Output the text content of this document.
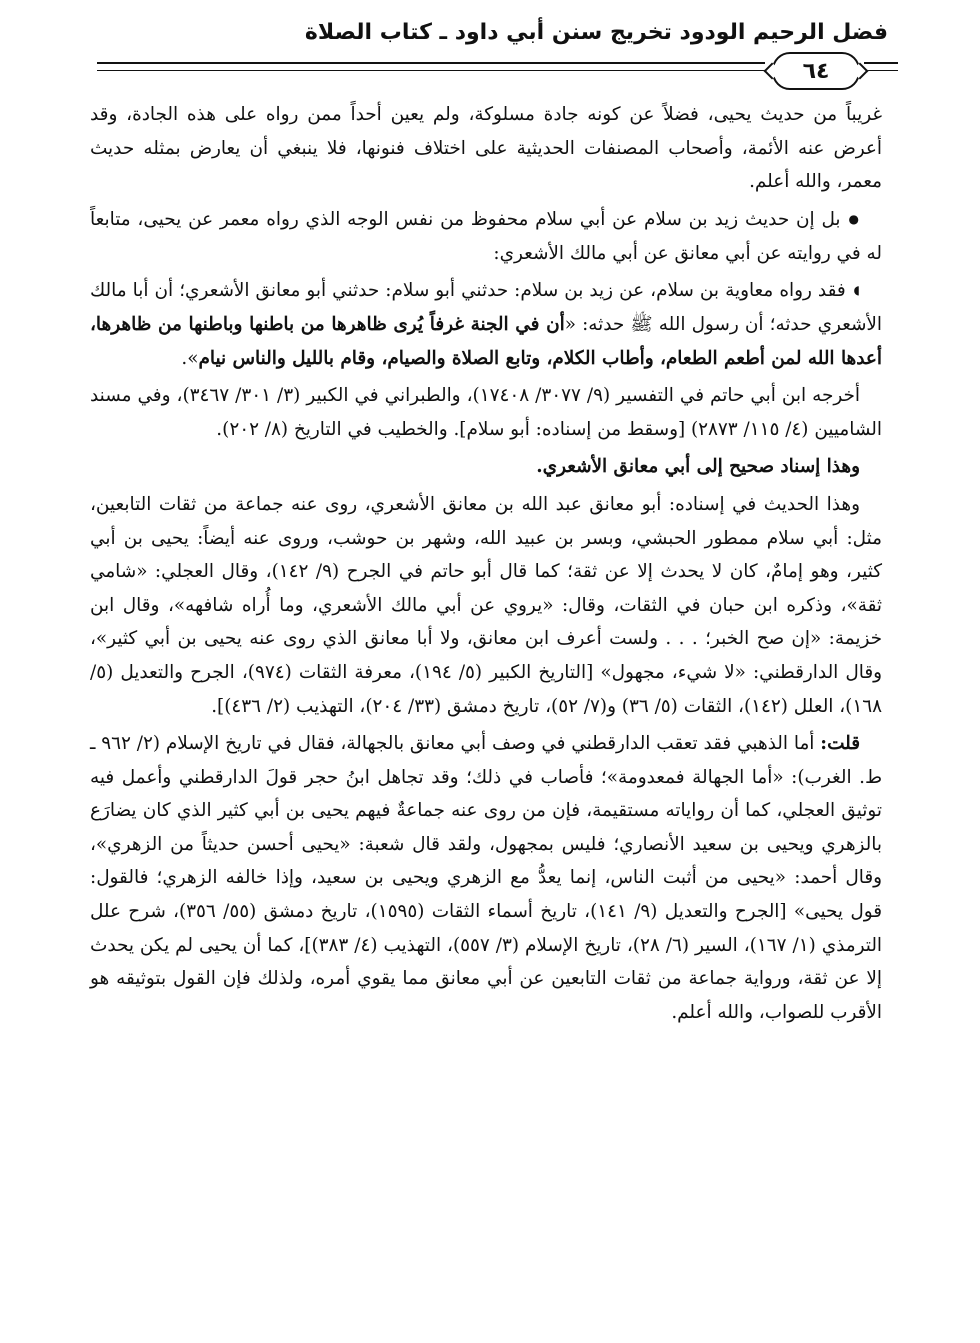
فضل الرحيم الودود تخريج سنن أبي داود ـ كتاب الصلاة
٦٤

غريباً من حديث يحيى، فضلاً عن كونه جادة مسلوكة، ولم يعين أحداً ممن رواه على هذه الجادة، وقد أعرض عنه الأئمة، وأصحاب المصنفات الحديثية على اختلاف فنونها، فلا ينبغي أن يعارض بمثله حديث معمر، والله أعلم.

●بل إن حديث زيد بن سلام عن أبي سلام محفوظ من نفس الوجه الذي رواه معمر عن يحيى، متابعاً له في روايته عن أبي معانق عن أبي مالك الأشعري:

◖فقد رواه معاوية بن سلام، عن زيد بن سلام: حدثني أبو سلام: حدثني أبو معانق الأشعري؛ أن أبا مالك الأشعري حدثه؛ أن رسول الله ﷺ حدثه: «أن في الجنة غرفاً يُرى ظاهرها من باطنها وباطنها من ظاهرها، أعدها الله لمن أطعم الطعام، وأطاب الكلام، وتابع الصلاة والصيام، وقام بالليل والناس نيام».

أخرجه ابن أبي حاتم في التفسير (٩/ ٣٠٧٧/ ١٧٤٠٨)، والطبراني في الكبير (٣/ ٣٠١/ ٣٤٦٧)، وفي مسند الشاميين (٤/ ١١٥/ ٢٨٧٣) [وسقط من إسناده: أبو سلام]. والخطيب في التاريخ (٨/ ٢٠٢).

وهذا إسناد صحيح إلى أبي معانق الأشعري.

وهذا الحديث في إسناده: أبو معانق عبد الله بن معانق الأشعري، روى عنه جماعة من ثقات التابعين، مثل: أبي سلام ممطور الحبشي، وبسر بن عبيد الله، وشهر بن حوشب، وروى عنه أيضاً: يحيى بن أبي كثير، وهو إمامٌ، كان لا يحدث إلا عن ثقة؛ كما قال أبو حاتم في الجرح (٩/ ١٤٢)، وقال العجلي: «شامي ثقة»، وذكره ابن حبان في الثقات، وقال: «يروي عن أبي مالك الأشعري، وما أُراه شافهه»، وقال ابن خزيمة: «إن صح الخبر؛ . . . ولست أعرف ابن معانق، ولا أبا معانق الذي روى عنه يحيى بن أبي كثير»، وقال الدارقطني: «لا شيء، مجهول» [التاريخ الكبير (٥/ ١٩٤)، معرفة الثقات (٩٧٤)، الجرح والتعديل (٥/ ١٦٨)، العلل (١٤٢)، الثقات (٥/ ٣٦) و(٧/ ٥٢)، تاريخ دمشق (٣٣/ ٢٠٤)، التهذيب (٢/ ٤٣٦)].

قلت: أما الذهبي فقد تعقب الدارقطني في وصف أبي معانق بالجهالة، فقال في تاريخ الإسلام (٢/ ٩٦٢ ـ ط. الغرب): «أما الجهالة فمعدومة»؛ فأصاب في ذلك؛ وقد تجاهل ابنُ حجر قولَ الدارقطني وأعمل فيه توثيق العجلي، كما أن رواياته مستقيمة، فإن من روى عنه جماعةٌ فيهم يحيى بن أبي كثير الذي كان يضارَع بالزهري ويحيى بن سعيد الأنصاري؛ فليس بمجهول، ولقد قال شعبة: «يحيى أحسن حديثاً من الزهري»، وقال أحمد: «يحيى من أثبت الناس، إنما يعدُّ مع الزهري ويحيى بن سعيد، وإذا خالفه الزهري؛ فالقول: قول يحيى» [الجرح والتعديل (٩/ ١٤١)، تاريخ أسماء الثقات (١٥٩٥)، تاريخ دمشق (٥٥/ ٣٥٦)، شرح علل الترمذي (١/ ١٦٧)، السير (٦/ ٢٨)، تاريخ الإسلام (٣/ ٥٥٧)، التهذيب (٤/ ٣٨٣)]، كما أن يحيى لم يكن يحدث إلا عن ثقة، ورواية جماعة من ثقات التابعين عن أبي معانق مما يقوي أمره، ولذلك فإن القول بتوثيقه هو الأقرب للصواب، والله أعلم.
